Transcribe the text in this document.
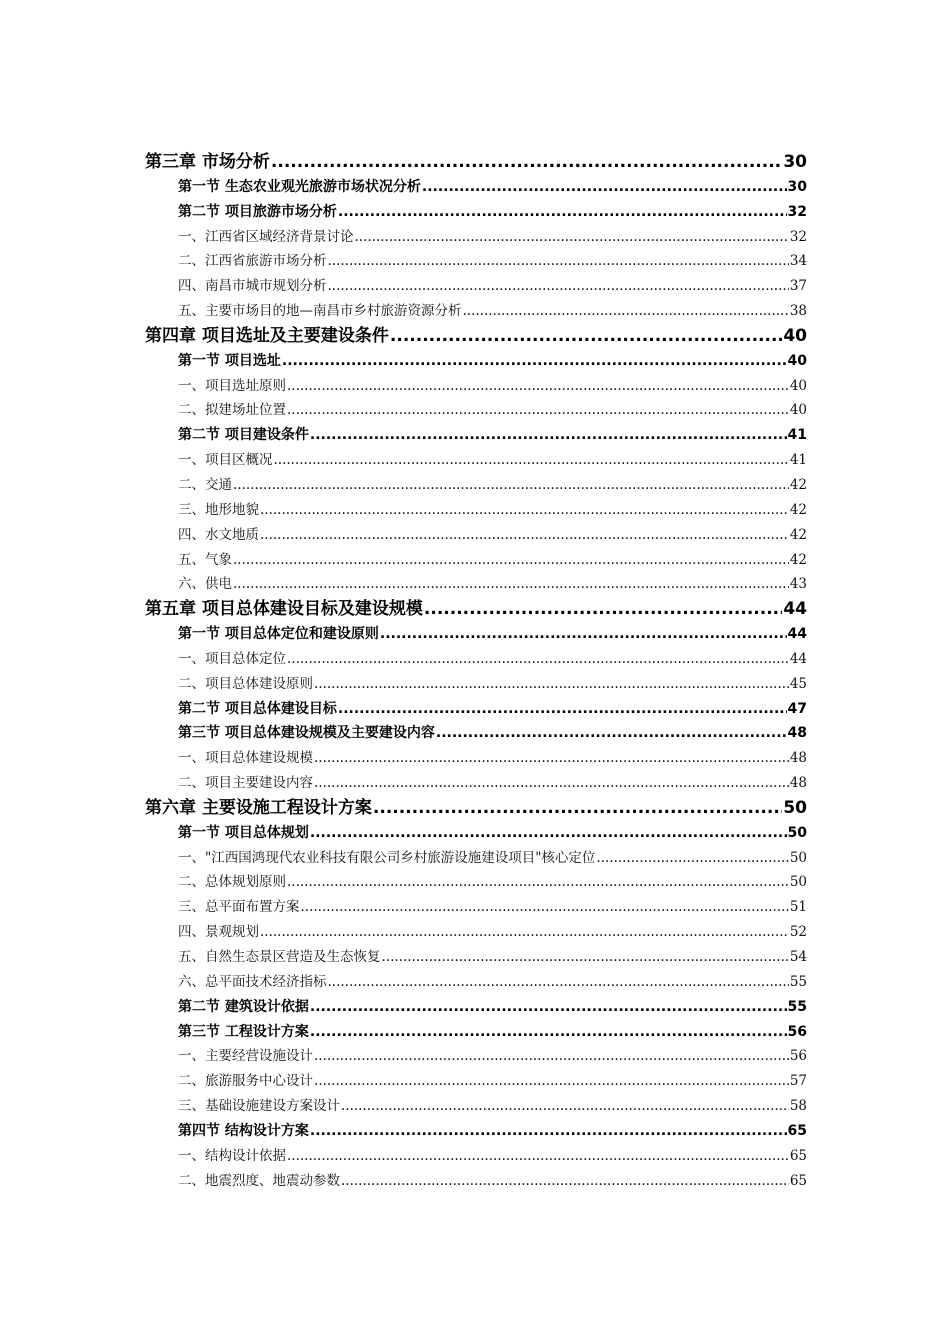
第三章 市场分析 .....	30
第一节 生态农业观光旅游市场状况分析 .....	30
第二节 项目旅游市场分析 .....	32
一、江西省区域经济背景讨论 .....	32
二、江西省旅游市场分析 .....	34
四、南昌市城市规划分析 .....	37
五、主要市场目的地—南昌市乡村旅游资源分析 .....	38
第四章 项目选址及主要建设条件 .....	40
第一节 项目选址 .....	40
一、项目选址原则 .....	40
二、拟建场址位置 .....	40
第二节 项目建设条件 .....	41
一、项目区概况 .....	41
二、交通 .....	42
三、地形地貌 .....	42
四、水文地质 .....	42
五、气象 .....	42
六、供电 .....	43
第五章 项目总体建设目标及建设规模 .....	44
第一节 项目总体定位和建设原则 .....	44
一、项目总体定位 .....	44
二、项目总体建设原则 .....	45
第二节 项目总体建设目标 .....	47
第三节 项目总体建设规模及主要建设内容 .....	48
一、项目总体建设规模 .....	48
二、项目主要建设内容 .....	48
第六章 主要设施工程设计方案 .....	50
第一节 项目总体规划 .....	50
一、"江西国鸿现代农业科技有限公司乡村旅游设施建设项目"核心定位 .....	50
二、总体规划原则 .....	50
三、总平面布置方案 .....	51
四、景观规划 .....	52
五、自然生态景区营造及生态恢复 .....	54
六、总平面技术经济指标 .....	55
第二节 建筑设计依据 .....	55
第三节 工程设计方案 .....	56
一、主要经营设施设计 .....	56
二、旅游服务中心设计 .....	57
三、基础设施建设方案设计 .....	58
第四节 结构设计方案 .....	65
一、结构设计依据 .....	65
二、地震烈度、地震动参数 .....	65
